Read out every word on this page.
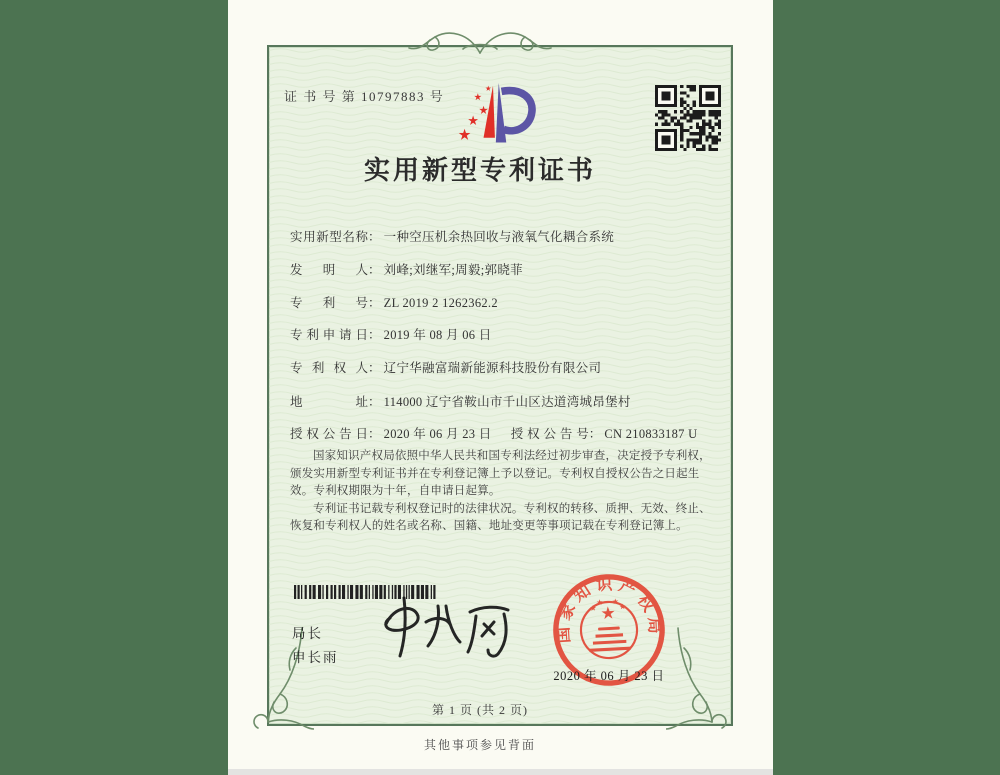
证 书 号 第 10797883 号
实用新型专利证书
实用新型名称： 一种空压机余热回收与液氧气化耦合系统
发明人： 刘峰;刘继军;周毅;郭晓菲
专利号： ZL 2019 2 1262362.2
专利申请日： 2019 年 08 月 06 日
专利权人： 辽宁华融富瑞新能源科技股份有限公司
地址： 114000 辽宁省鞍山市千山区达道湾城昂堡村
授权公告日： 2020 年 06 月 23 日 授权公告号： CN 210833187 U

国家知识产权局依照中华人民共和国专利法经过初步审查，决定授予专利权，颁发实用新型专利证书并在专利登记簿上予以登记。专利权自授权公告之日起生效。专利权期限为十年，自申请日起算。

专利证书记载专利权登记时的法律状况。专利权的转移、质押、无效、终止、恢复和专利权人的姓名或名称、国籍、地址变更等事项记载在专利登记簿上。

局长
申长雨
国家知识产权局
2020 年 06 月 23 日
第 1 页 (共 2 页)
其他事项参见背面
